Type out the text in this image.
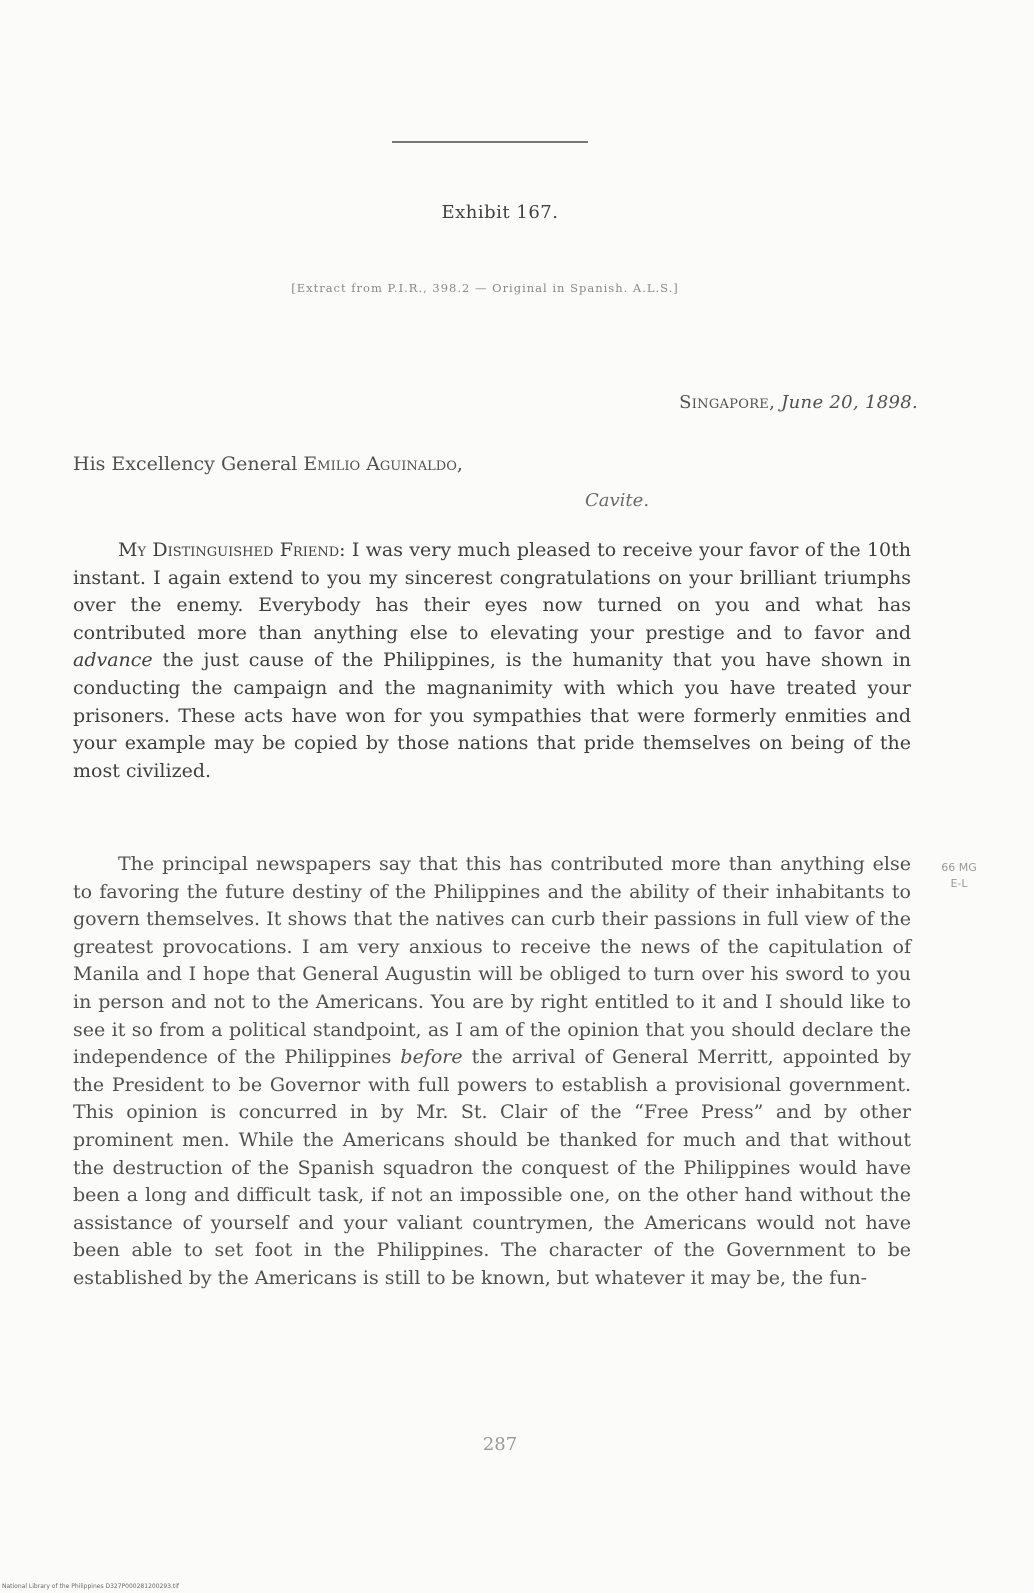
Exhibit 167.
[Extract from P.I.R., 398.2 — Original in Spanish. A.L.S.]
Singapore, June 20, 1898.
His Excellency General Emilio Aguinaldo,
Cavite.

My Distinguished Friend: I was very much pleased to receive your favor of the 10th instant. I again extend to you my sincerest congratulations on your brilliant triumphs over the enemy. Everybody has their eyes now turned on you and what has contributed more than anything else to elevating your prestige and to favor and advance the just cause of the Philippines, is the humanity that you have shown in conducting the campaign and the magnanimity with which you have treated your prisoners. These acts have won for you sympathies that were formerly enmities and your example may be copied by those nations that pride themselves on being of the most civilized.

The principal newspapers say that this has contributed more than anything else to favoring the future destiny of the Philippines and the ability of their inhabitants to govern themselves. It shows that the natives can curb their passions in full view of the greatest provocations. I am very anxious to receive the news of the capitulation of Manila and I hope that General Augustin will be obliged to turn over his sword to you in person and not to the Americans. You are by right entitled to it and I should like to see it so from a political standpoint, as I am of the opinion that you should declare the independence of the Philippines before the arrival of General Merritt, appointed by the President to be Governor with full powers to establish a provisional government. This opinion is concurred in by Mr. St. Clair of the “Free Press” and by other prominent men. While the Americans should be thanked for much and that without the destruction of the Spanish squadron the conquest of the Philippines would have been a long and difficult task, if not an impossible one, on the other hand without the assistance of yourself and your valiant countrymen, the Americans would not have been able to set foot in the Philippines. The character of the Government to be established by the Americans is still to be known, but whatever it may be, the fun-

66 MG
E-L
287
National Library of the Philippines D327P000281200293.tif
